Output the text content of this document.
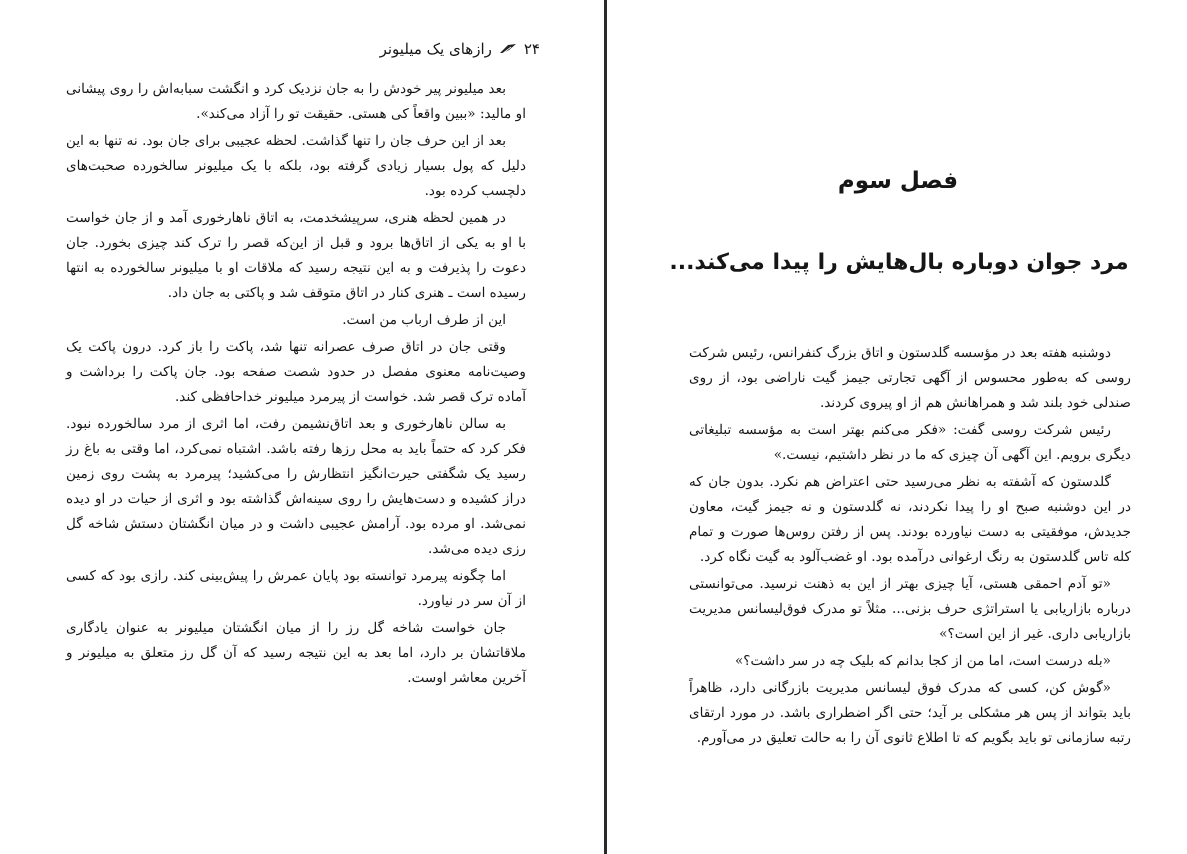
۲۴
رازهای یک میلیونر

بعد میلیونر پیر خودش را به جان نزدیک کرد و انگشت سبابه‌اش را روی پیشانی او مالید: «ببین واقعاً کی هستی. حقیقت تو را آزاد می‌کند».

بعد از این حرف جان را تنها گذاشت. لحظه عجیبی برای جان بود. نه تنها به این دلیل که پول بسیار زیادی گرفته بود، بلکه با یک میلیونر سالخورده صحبت‌های دلچسب کرده بود.

در همین لحظه هنری، سرپیشخدمت، به اتاق ناهارخوری آمد و از جان خواست با او به یکی از اتاق‌ها برود و قبل از این‌که قصر را ترک کند چیزی بخورد. جان دعوت را پذیرفت و به این نتیجه رسید که ملاقات او با میلیونر سالخورده به انتها رسیده است ـ هنری کنار در اتاق متوقف شد و پاکتی به جان داد.

این از طرف ارباب من است.

وقتی جان در اتاق صرف عصرانه تنها شد، پاکت را باز کرد. درون پاکت یک وصیت‌نامه معنوی مفصل در حدود شصت صفحه بود. جان پاکت را برداشت و آماده ترک قصر شد. خواست از پیرمرد میلیونر خداحافظی کند.

به سالن ناهارخوری و بعد اتاق‌نشیمن رفت، اما اثری از مرد سالخورده نبود. فکر کرد که حتماً باید به محل رزها رفته باشد. اشتباه نمی‌کرد، اما وقتی به باغ رز رسید یک شگفتی حیرت‌انگیز انتظارش را می‌کشید؛ پیرمرد به پشت روی زمین دراز کشیده و دست‌هایش را روی سینه‌اش گذاشته بود و اثری از حیات در او دیده نمی‌شد. او مرده بود. آرامش عجیبی داشت و در میان انگشتان دستش شاخه گل رزی دیده می‌شد.

اما چگونه پیرمرد توانسته بود پایان عمرش را پیش‌بینی کند. رازی بود که کسی از آن سر در نیاورد.

جان خواست شاخه گل رز را از میان انگشتان میلیونر به عنوان یادگاری ملاقاتشان بر دارد، اما بعد به این نتیجه رسید که آن گل رز متعلق به میلیونر و آخرین معاشر اوست.

فصل سوم
مرد جوان دوباره بال‌هایش را پیدا می‌کند...

دوشنبه هفته بعد در مؤسسه گلدستون و اتاق بزرگ کنفرانس، رئیس شرکت روسی که به‌طور محسوس از آگهی تجارتی جیمز گیت ناراضی بود، از روی صندلی خود بلند شد و همراهانش هم از او پیروی کردند.

رئیس شرکت روسی گفت: «فکر می‌کنم بهتر است به مؤسسه تبلیغاتی دیگری برویم. این آگهی آن چیزی که ما در نظر داشتیم، نیست.»

گلدستون که آشفته به نظر می‌رسید حتی اعتراض هم نکرد. بدون جان که در این دوشنبه صبح او را پیدا نکردند، نه گلدستون و نه جیمز گیت، معاون جدیدش، موفقیتی به دست نیاورده بودند. پس از رفتن روس‌ها صورت و تمام کله تاس گلدستون به رنگ ارغوانی درآمده بود. او غضب‌آلود به گیت نگاه کرد.

«تو آدم احمقی هستی، آیا چیزی بهتر از این به ذهنت نرسید. می‌توانستی درباره بازاریابی یا استراتژی حرف بزنی... مثلاً تو مدرک فوق‌لیسانس مدیریت بازاریابی داری. غیر از این است؟»

«بله درست است، اما من از کجا بدانم که بلیک چه در سر داشت؟»

«گوش کن، کسی که مدرک فوق لیسانس مدیریت بازرگانی دارد، ظاهراً باید بتواند از پس هر مشکلی بر آید؛ حتی اگر اضطراری باشد. در مورد ارتقای رتبه سازمانی تو باید بگویم که تا اطلاع ثانوی آن را به حالت تعلیق در می‌آورم.
